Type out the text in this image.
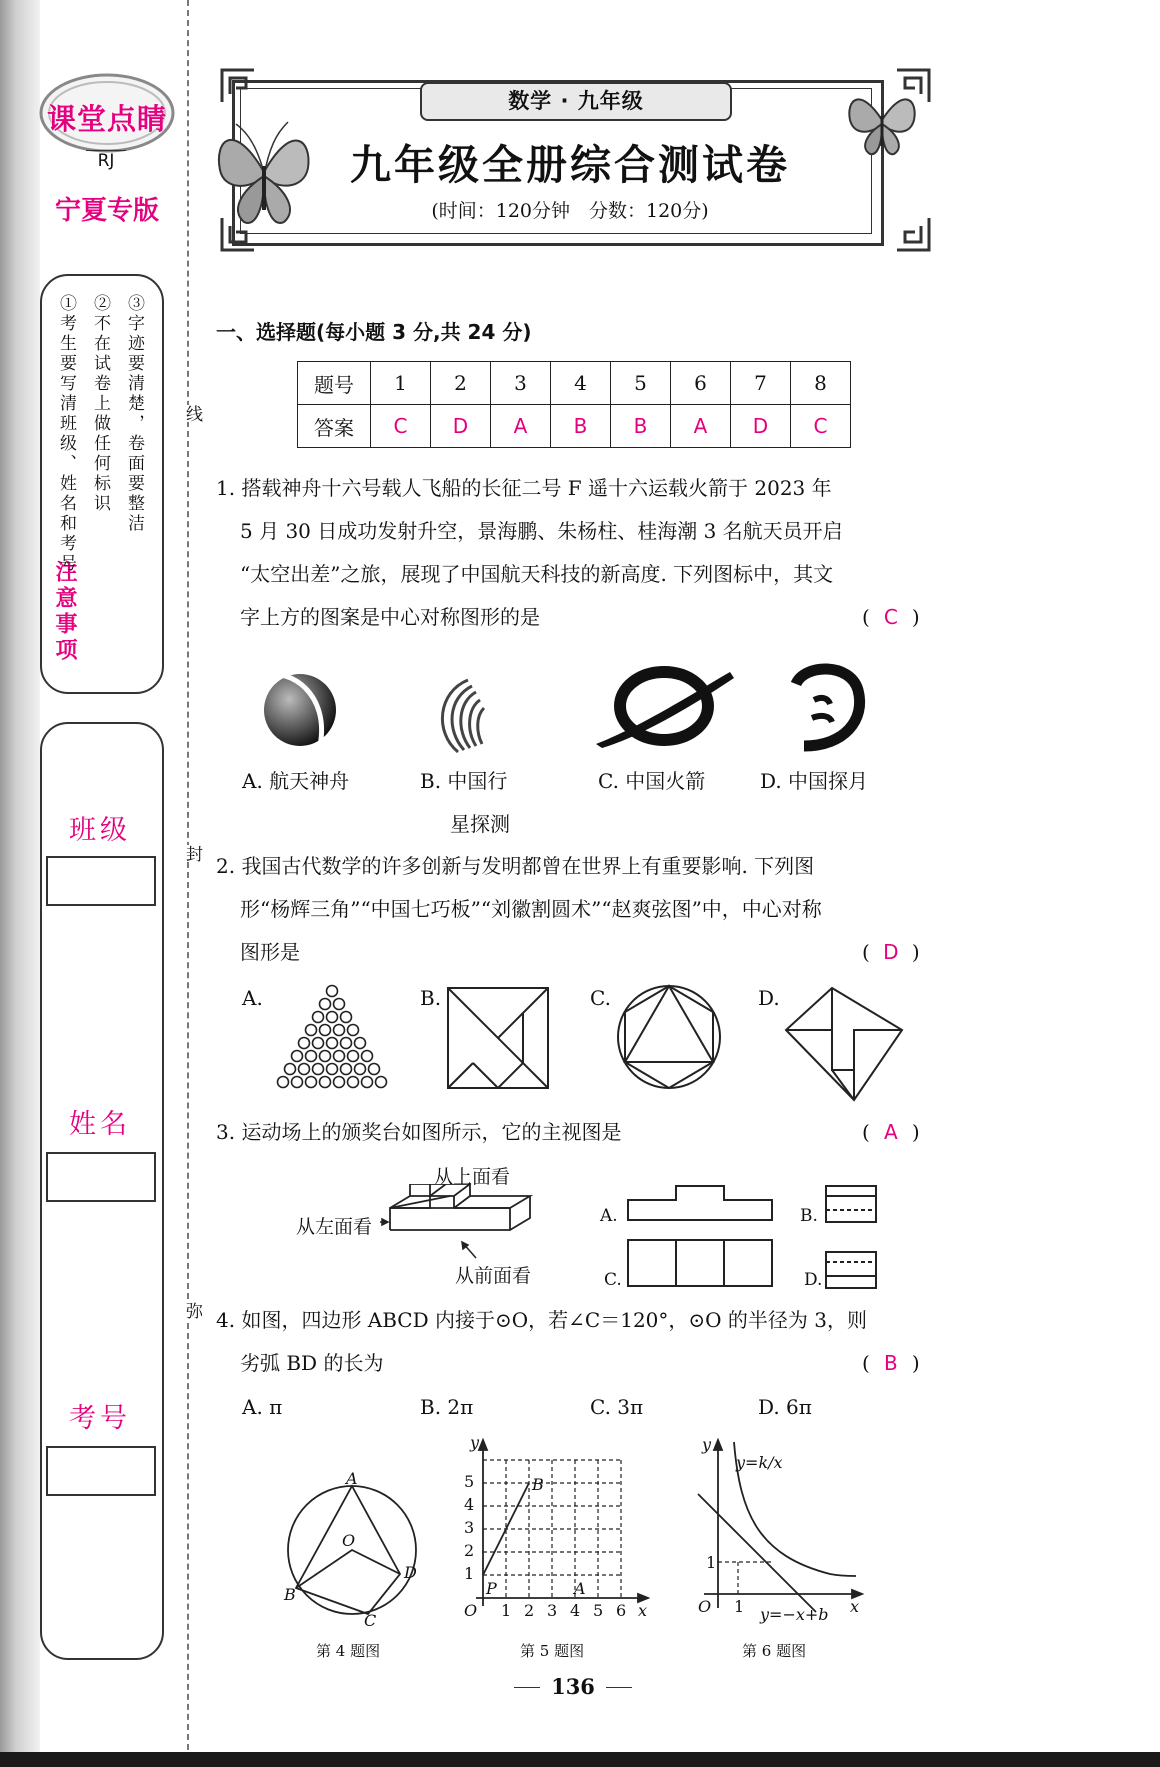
线
封
弥
课堂点睛
RJ
宁夏专版
注意事项
①考生要写清班级、姓名和考号 ②不在试卷上做任何标识 ③字迹要清楚，卷面要整洁
班级
姓名
考号
数学 · 九年级
九年级全册综合测试卷
(时间：120分钟　分数：120分)
一、选择题(每小题 3 分,共 24 分)
题号	1	2	3	4	5	6	7	8
答案	C	D	A	B	B	A	D	C
1. 搭载神舟十六号载人飞船的长征二号 F 遥十六运载火箭于 2023 年
5 月 30 日成功发射升空，景海鹏、朱杨柱、桂海潮 3 名航天员开启
“太空出差”之旅，展现了中国航天科技的新高度. 下列图标中，其文
字上方的图案是中心对称图形的是	( C )
A. 航天神舟	B. 中国行
星探测
C. 中国火箭	D. 中国探月
2. 我国古代数学的许多创新与发明都曾在世界上有重要影响. 下列图
形“杨辉三角”“中国七巧板”“刘徽割圆术”“赵爽弦图”中，中心对称
图形是	( D )
A.	B.	C.	D.
3. 运动场上的颁奖台如图所示，它的主视图是	( A )
从上面看
从左面看
从前面看
A.	B.
C.	D.
4. 如图，四边形 ABCD 内接于⊙O，若∠C＝120°，⊙O 的半径为 3，则
劣弧 BD 的长为	( B )
A. π	B. 2π	C. 3π	D. 6π
A
O
D
B
C
第 4 题图
1
2
3
4
5
1 2 3 4 5 6
y
x
O
B
P	A
第 5 题图
1
1
y
y=k/x
O	x
y=−x+b
第 6 题图
136
